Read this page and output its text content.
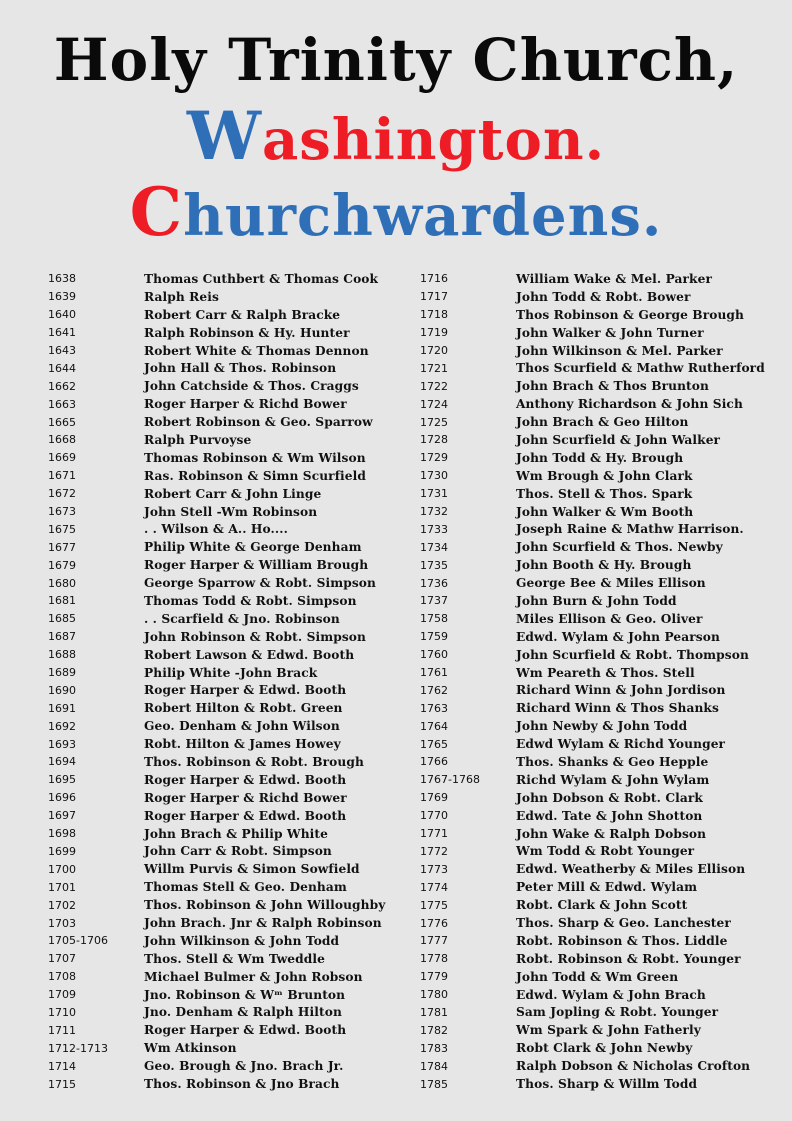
Holy Trinity Church,
Washington.
Churchwardens.
1638	Thomas Cuthbert & Thomas Cook
1639	Ralph Reis
1640	Robert Carr & Ralph Bracke
1641	Ralph Robinson & Hy. Hunter
1643	Robert White & Thomas Dennon
1644	John Hall & Thos. Robinson
1662	John Catchside & Thos. Craggs
1663	Roger Harper & Richd Bower
1665	Robert Robinson & Geo. Sparrow
1668	Ralph Purvoyse
1669	Thomas Robinson & Wm Wilson
1671	Ras. Robinson & Simn Scurfield
1672	Robert Carr & John Linge
1673	John Stell -Wm Robinson
1675	. . Wilson & A.. Ho....
1677	Philip White & George Denham
1679	Roger Harper & William Brough
1680	George Sparrow & Robt. Simpson
1681	Thomas Todd & Robt. Simpson
1685	. . Scarfield & Jno. Robinson
1687	John Robinson & Robt. Simpson
1688	Robert Lawson & Edwd. Booth
1689	Philip White -John Brack
1690	Roger Harper & Edwd. Booth
1691	Robert Hilton & Robt. Green
1692	Geo. Denham & John Wilson
1693	Robt. Hilton & James Howey
1694	Thos. Robinson & Robt. Brough
1695	Roger Harper & Edwd. Booth
1696	Roger Harper & Richd Bower
1697	Roger Harper & Edwd. Booth
1698	John Brach & Philip White
1699	John Carr & Robt. Simpson
1700	Willm Purvis & Simon Sowfield
1701	Thomas Stell & Geo. Denham
1702	Thos. Robinson & John Willoughby
1703	John Brach. Jnr & Ralph Robinson
1705-1706	John Wilkinson & John Todd
1707	Thos. Stell & Wm Tweddle
1708	Michael Bulmer & John Robson
1709	Jno. Robinson & Wᵐ Brunton
1710	Jno. Denham & Ralph Hilton
1711	Roger Harper & Edwd. Booth
1712-1713	Wm Atkinson
1714	Geo. Brough & Jno. Brach Jr.
1715	Thos. Robinson & Jno Brach
1716	William Wake & Mel. Parker
1717	John Todd & Robt. Bower
1718	Thos Robinson & George Brough
1719	John Walker & John Turner
1720	John Wilkinson & Mel. Parker
1721	Thos Scurfield & Mathw Rutherford
1722	John Brach & Thos Brunton
1724	Anthony Richardson & John Sich
1725	John Brach & Geo Hilton
1728	John Scurfield & John Walker
1729	John Todd & Hy. Brough
1730	Wm Brough & John Clark
1731	Thos. Stell & Thos. Spark
1732	John Walker & Wm Booth
1733	Joseph Raine & Mathw Harrison.
1734	John Scurfield & Thos. Newby
1735	John Booth & Hy. Brough
1736	George Bee & Miles Ellison
1737	John Burn & John Todd
1758	Miles Ellison & Geo. Oliver
1759	Edwd. Wylam & John Pearson
1760	John Scurfield & Robt. Thompson
1761	Wm Peareth & Thos. Stell
1762	Richard Winn & John Jordison
1763	Richard Winn & Thos Shanks
1764	John Newby & John Todd
1765	Edwd Wylam & Richd Younger
1766	Thos. Shanks & Geo Hepple
1767-1768	Richd Wylam & John Wylam
1769	John Dobson & Robt. Clark
1770	Edwd. Tate & John Shotton
1771	John Wake & Ralph Dobson
1772	Wm Todd & Robt Younger
1773	Edwd. Weatherby & Miles Ellison
1774	Peter Mill & Edwd. Wylam
1775	Robt. Clark & John Scott
1776	Thos. Sharp & Geo. Lanchester
1777	Robt. Robinson & Thos. Liddle
1778	Robt. Robinson & Robt. Younger
1779	John Todd & Wm Green
1780	Edwd. Wylam & John Brach
1781	Sam Jopling & Robt. Younger
1782	Wm Spark & John Fatherly
1783	Robt Clark & John Newby
1784	Ralph Dobson & Nicholas Crofton
1785	Thos. Sharp & Willm Todd
